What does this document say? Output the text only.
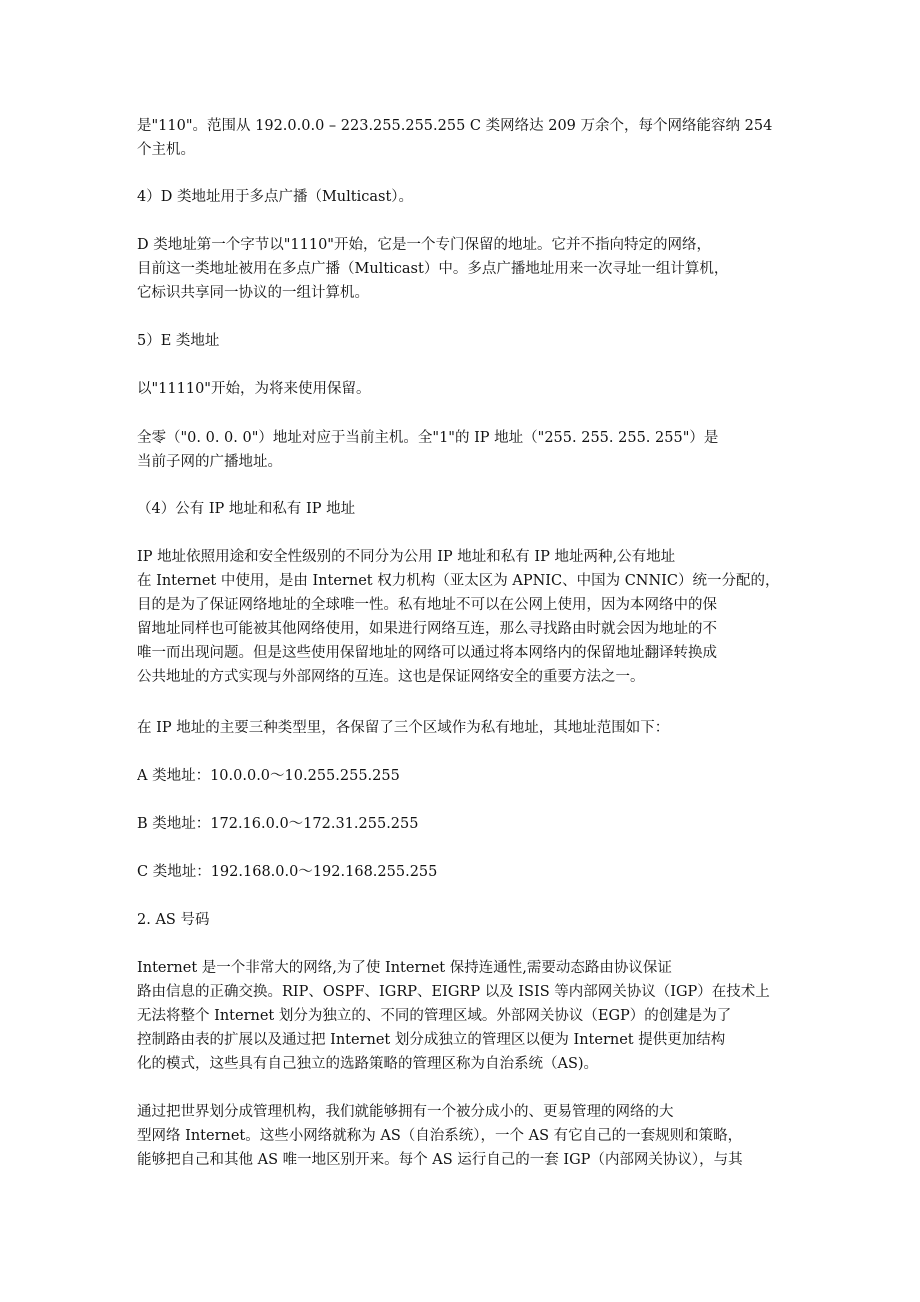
是"110"。范围从 192.0.0.0 – 223.255.255.255 C 类网络达 209 万余个，每个网络能容纳 254
个主机。
4）D 类地址用于多点广播（Multicast）。
D 类地址第一个字节以"1110"开始，它是一个专门保留的地址。它并不指向特定的网络，
目前这一类地址被用在多点广播（Multicast）中。多点广播地址用来一次寻址一组计算机，
它标识共享同一协议的一组计算机。
5）E 类地址
以"11110"开始，为将来使用保留。
全零（"0. 0. 0. 0"）地址对应于当前主机。全"1"的 IP 地址（"255. 255. 255. 255"）是
当前子网的广播地址。
（4）公有 IP 地址和私有 IP 地址
IP 地址依照用途和安全性级别的不同分为公用 IP 地址和私有 IP 地址两种,公有地址
在 Internet 中使用，是由 Internet 权力机构（亚太区为 APNIC、中国为 CNNIC）统一分配的，
目的是为了保证网络地址的全球唯一性。私有地址不可以在公网上使用，因为本网络中的保
留地址同样也可能被其他网络使用，如果进行网络互连，那么寻找路由时就会因为地址的不
唯一而出现问题。但是这些使用保留地址的网络可以通过将本网络内的保留地址翻译转换成
公共地址的方式实现与外部网络的互连。这也是保证网络安全的重要方法之一。
在 IP 地址的主要三种类型里，各保留了三个区域作为私有地址，其地址范围如下：
A 类地址：10.0.0.0～10.255.255.255
B 类地址：172.16.0.0～172.31.255.255
C 类地址：192.168.0.0～192.168.255.255
2. AS 号码
Internet 是一个非常大的网络,为了使 Internet 保持连通性,需要动态路由协议保证
路由信息的正确交换。RIP、OSPF、IGRP、EIGRP 以及 ISIS 等内部网关协议（IGP）在技术上
无法将整个 Internet 划分为独立的、不同的管理区域。外部网关协议（EGP）的创建是为了
控制路由表的扩展以及通过把 Internet 划分成独立的管理区以便为 Internet 提供更加结构
化的模式，这些具有自己独立的选路策略的管理区称为自治系统（AS)。
通过把世界划分成管理机构，我们就能够拥有一个被分成小的、更易管理的网络的大
型网络 Internet。这些小网络就称为 AS（自治系统），一个 AS 有它自己的一套规则和策略，
能够把自己和其他 AS 唯一地区别开来。每个 AS 运行自己的一套 IGP（内部网关协议），与其
